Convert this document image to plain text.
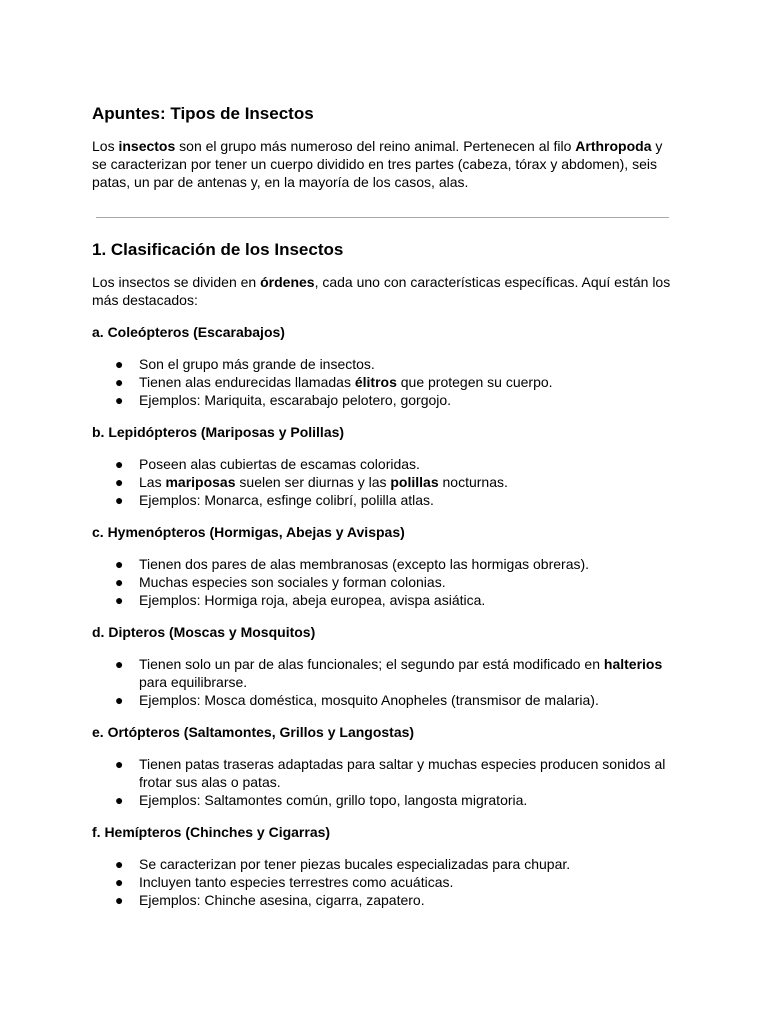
Apuntes: Tipos de Insectos

Los insectos son el grupo más numeroso del reino animal. Pertenecen al filo Arthropoda y se caracterizan por tener un cuerpo dividido en tres partes (cabeza, tórax y abdomen), seis patas, un par de antenas y, en la mayoría de los casos, alas.

1. Clasificación de los Insectos

Los insectos se dividen en órdenes, cada uno con características específicas. Aquí están los más destacados:

a. Coleópteros (Escarabajos)
● Son el grupo más grande de insectos.
● Tienen alas endurecidas llamadas élitros que protegen su cuerpo.
● Ejemplos: Mariquita, escarabajo pelotero, gorgojo.
b. Lepidópteros (Mariposas y Polillas)
● Poseen alas cubiertas de escamas coloridas.
● Las mariposas suelen ser diurnas y las polillas nocturnas.
● Ejemplos: Monarca, esfinge colibrí, polilla atlas.
c. Hymenópteros (Hormigas, Abejas y Avispas)
● Tienen dos pares de alas membranosas (excepto las hormigas obreras).
● Muchas especies son sociales y forman colonias.
● Ejemplos: Hormiga roja, abeja europea, avispa asiática.
d. Dipteros (Moscas y Mosquitos)
● Tienen solo un par de alas funcionales; el segundo par está modificado en halterios para equilibrarse.
● Ejemplos: Mosca doméstica, mosquito Anopheles (transmisor de malaria).
e. Ortópteros (Saltamontes, Grillos y Langostas)
● Tienen patas traseras adaptadas para saltar y muchas especies producen sonidos al frotar sus alas o patas.
● Ejemplos: Saltamontes común, grillo topo, langosta migratoria.
f. Hemípteros (Chinches y Cigarras)
● Se caracterizan por tener piezas bucales especializadas para chupar.
● Incluyen tanto especies terrestres como acuáticas.
● Ejemplos: Chinche asesina, cigarra, zapatero.
